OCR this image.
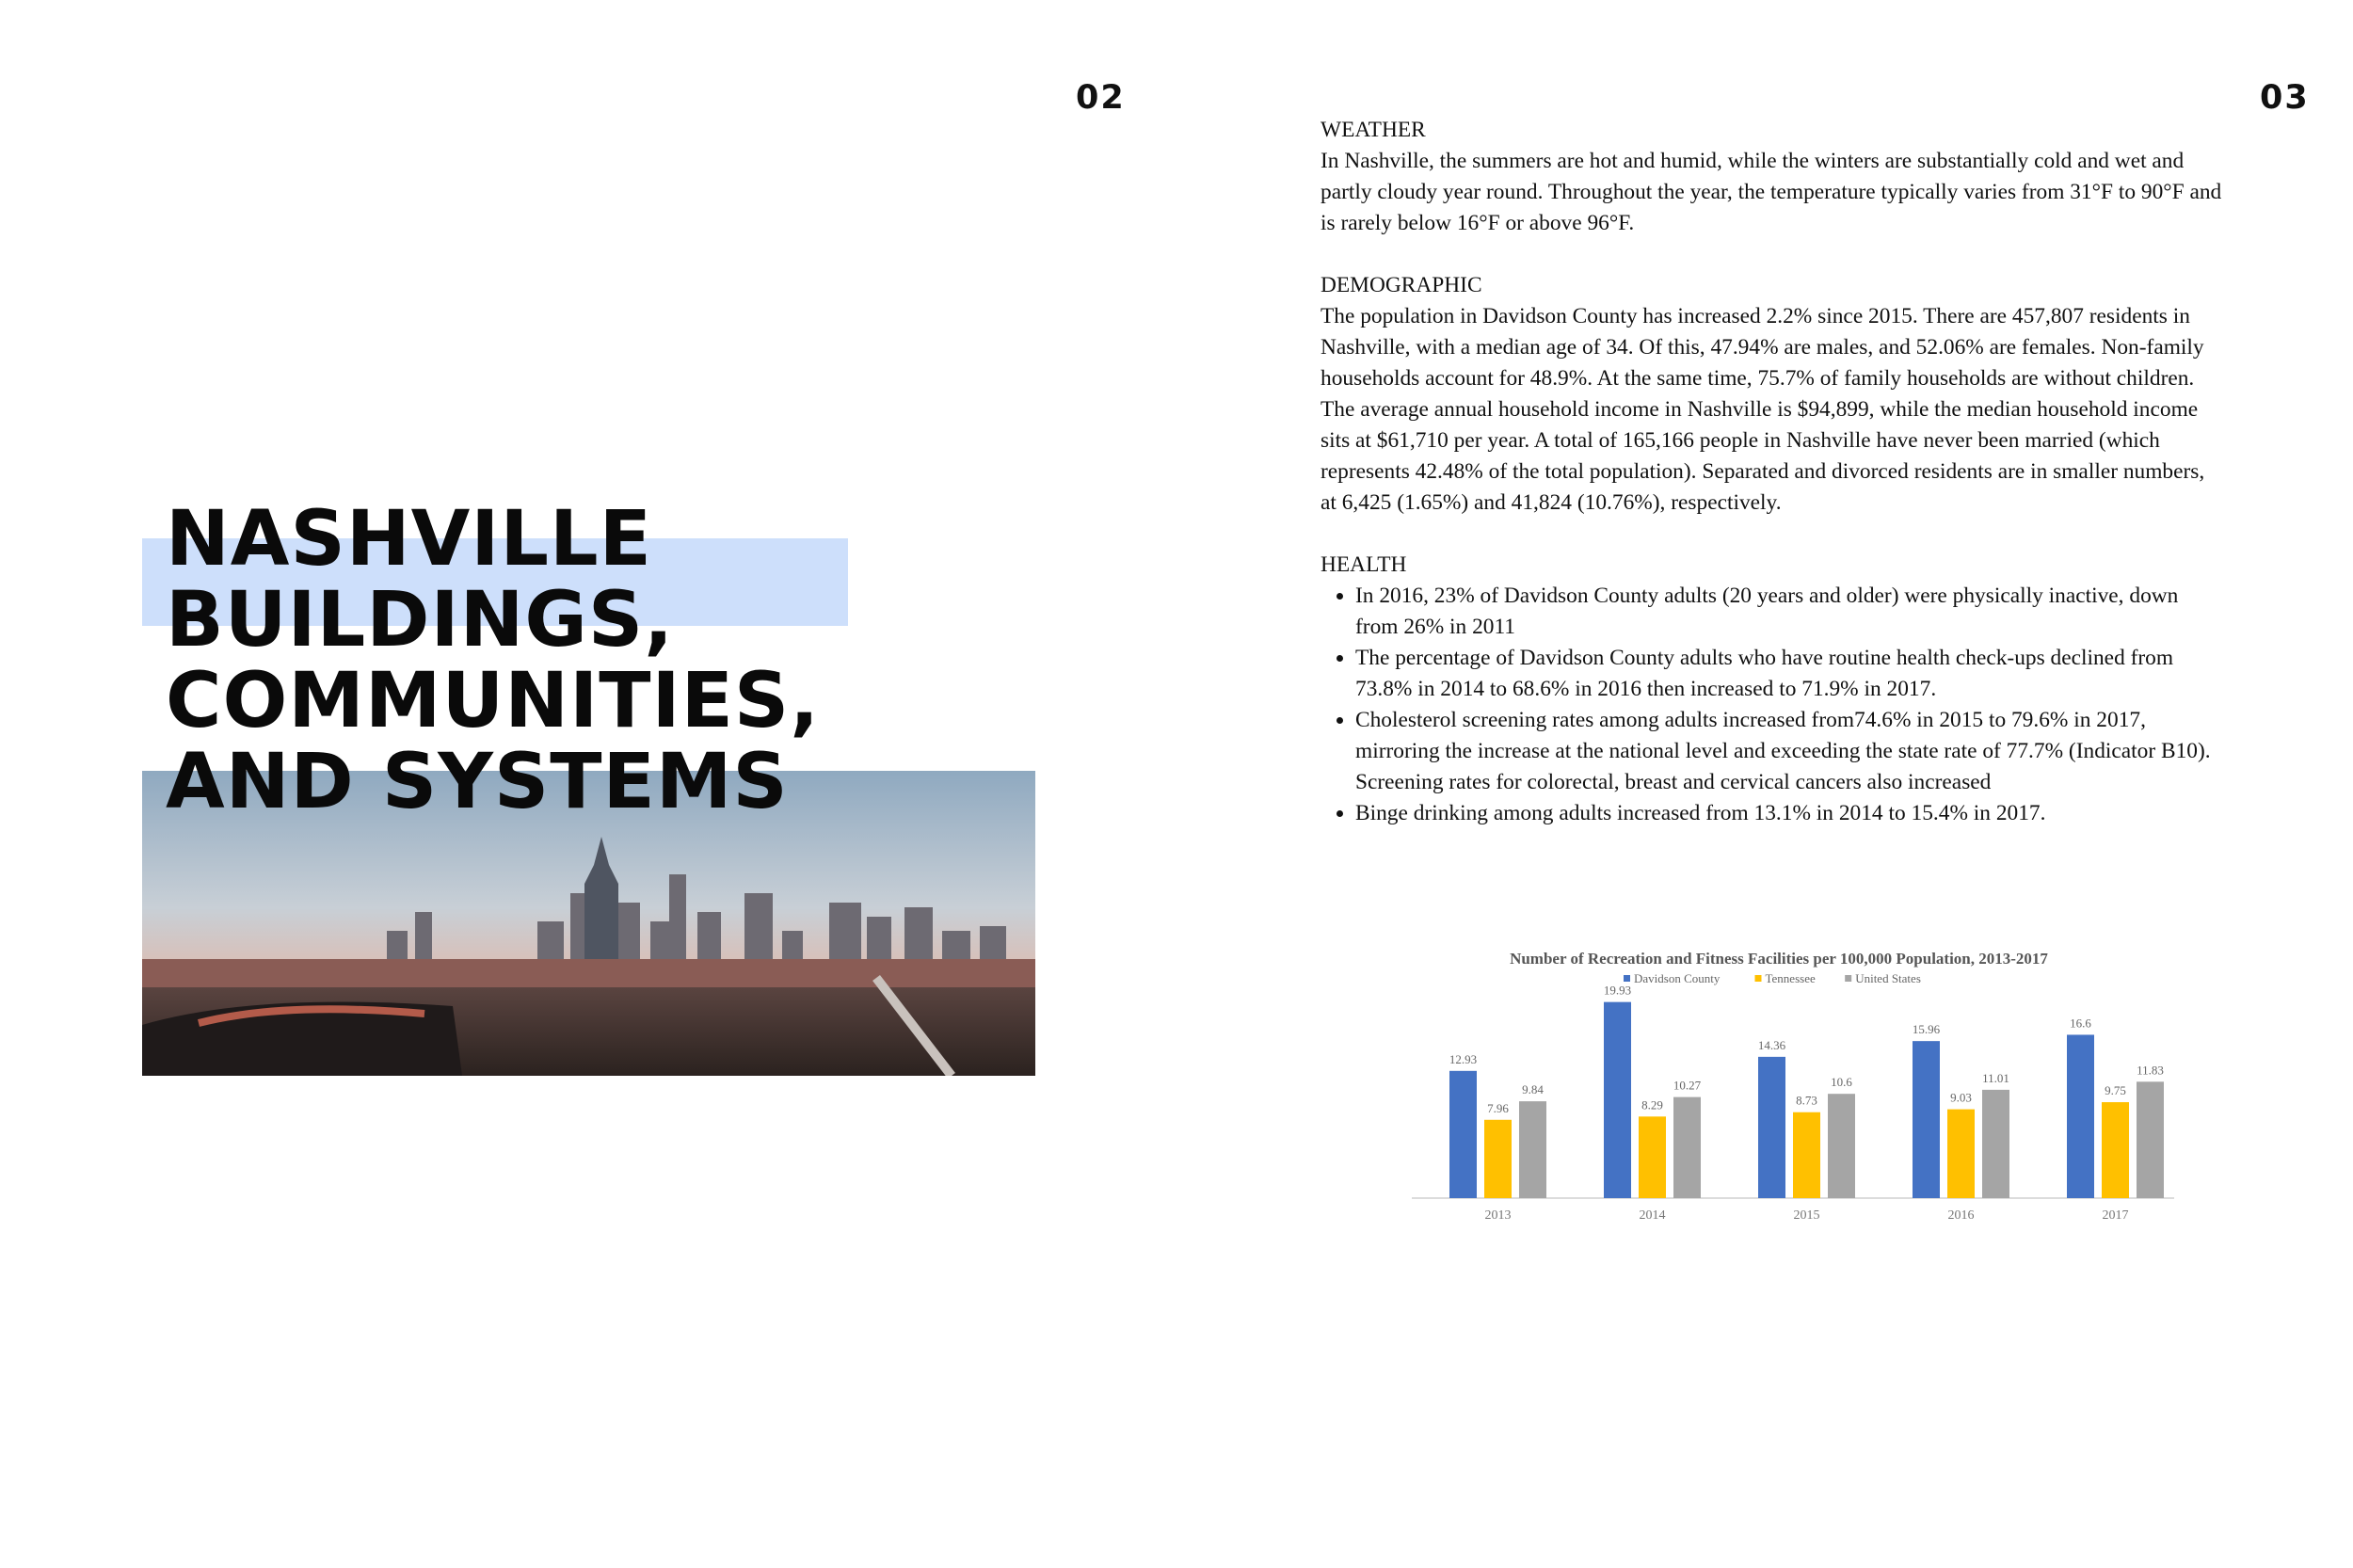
02	03
NASHVILLE
BUILDINGS,
COMMUNITIES,
AND SYSTEMS

WEATHER

In Nashville, the summers are hot and humid, while the winters are substantially cold and wet and partly cloudy year round. Throughout the year, the temperature typically varies from 31°F to 90°F and is rarely below 16°F or above 96°F.

DEMOGRAPHIC

The population in Davidson County has increased 2.2% since 2015. There are 457,807 residents in Nashville, with a median age of 34. Of this, 47.94% are males, and 52.06% are females. Non-family households account for 48.9%. At the same time, 75.7% of family households are without children. The average annual household income in Nashville is $94,899, while the median household income sits at $61,710 per year. A total of 165,166 people in Nashville have never been married (which represents 42.48% of the total population). Separated and divorced residents are in smaller numbers, at 6,425 (1.65%) and 41,824 (10.76%), respectively.

HEALTH

• In 2016, 23% of Davidson County adults (20 years and older) were physically inactive, down from 26% in 2011
• The percentage of Davidson County adults who have routine health check-ups declined from 73.8% in 2014 to 68.6% in 2016 then increased to 71.9% in 2017.
• Cholesterol screening rates among adults increased from74.6% in 2015 to 79.6% in 2017, mirroring the increase at the national level and exceeding the state rate of 77.7% (Indicator B10). Screening rates for colorectal, breast and cervical cancers also increased
• Binge drinking among adults increased from 13.1% in 2014 to 15.4% in 2017.
Number of Recreation and Fitness Facilities per 100,000 Population, 2013-2017
Davidson County	Tennessee	United States
12.93
7.96
9.84
2013
19.93
8.29
10.27
2014
14.36
8.73
10.6
2015
15.96
9.03
11.01
2016
16.6
9.75
11.83
2017
